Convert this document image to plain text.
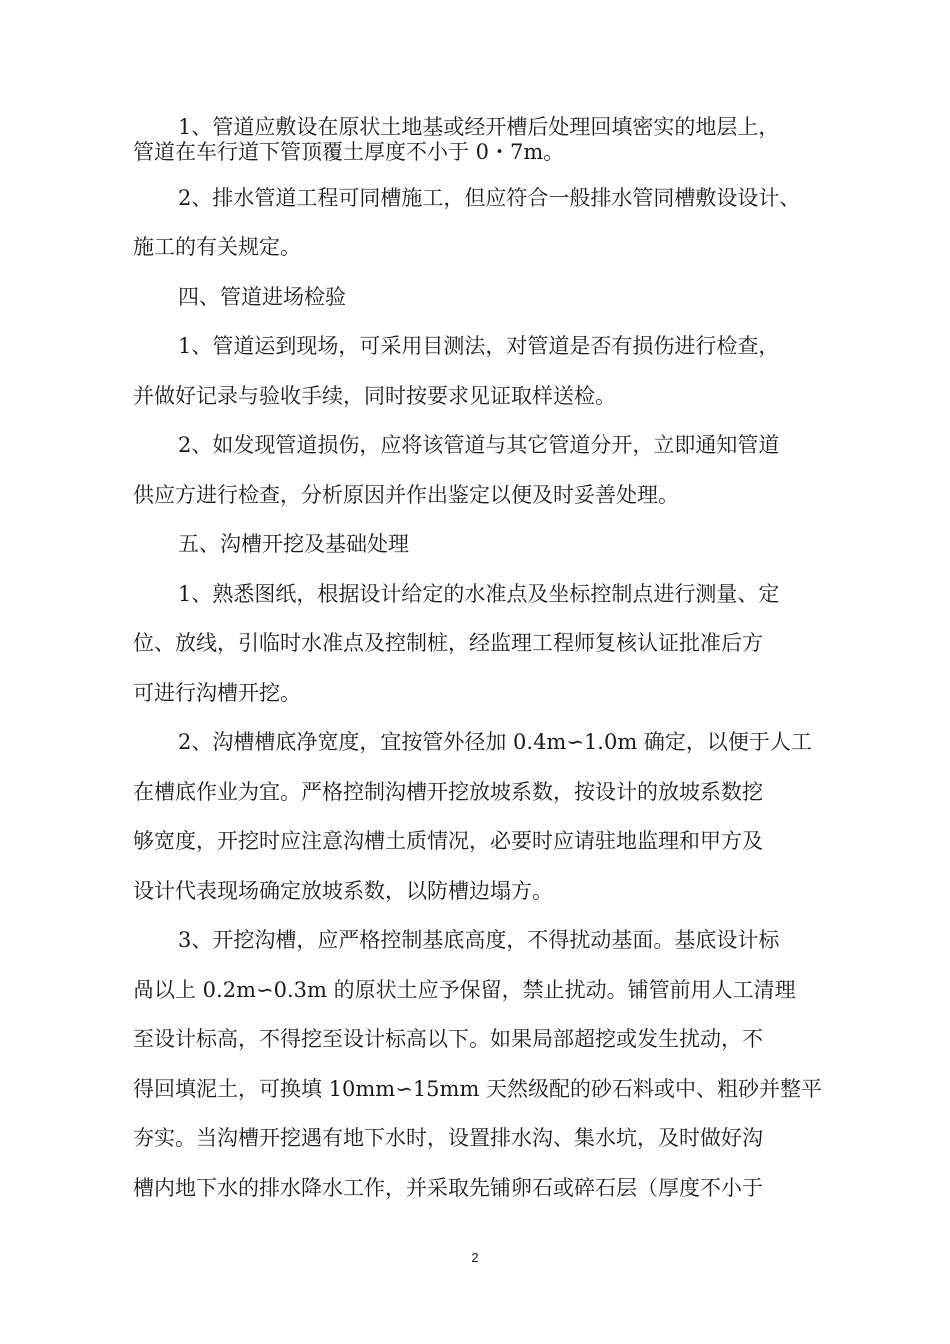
1、管道应敷设在原状土地基或经开槽后处理回填密实的地层上，
管道在车行道下管顶覆土厚度不小于 0・7m。
2、排水管道工程可同槽施工，但应符合一般排水管同槽敷设设计、
施工的有关规定。
四、管道进场检验
1、管道运到现场，可采用目测法，对管道是否有损伤进行检查，
并做好记录与验收手续，同时按要求见证取样送检。
2、如发现管道损伤，应将该管道与其它管道分开，立即通知管道
供应方进行检查，分析原因并作出鉴定以便及时妥善处理。
五、沟槽开挖及基础处理
1、熟悉图纸，根据设计给定的水准点及坐标控制点进行测量、定
位、放线，引临时水准点及控制桩，经监理工程师复核认证批准后方
可进行沟槽开挖。
2、沟槽槽底净宽度，宜按管外径加 0.4m∽1.0m 确定，以便于人工
在槽底作业为宜。严格控制沟槽开挖放坡系数，按设计的放坡系数挖
够宽度，开挖时应注意沟槽土质情况，必要时应请驻地监理和甲方及
设计代表现场确定放坡系数，以防槽边塌方。
3、开挖沟槽，应严格控制基底高度，不得扰动基面。基底设计标
咼以上 0.2m∽0.3m 的原状土应予保留，禁止扰动。铺管前用人工清理
至设计标高，不得挖至设计标高以下。如果局部超挖或发生扰动，不
得回填泥土，可换填 10mm∽15mm 天然级配的砂石料或中、粗砂并整平
夯实。当沟槽开挖遇有地下水时，设置排水沟、集水坑，及时做好沟
槽内地下水的排水降水工作，并采取先铺卵石或碎石层（厚度不小于
2
